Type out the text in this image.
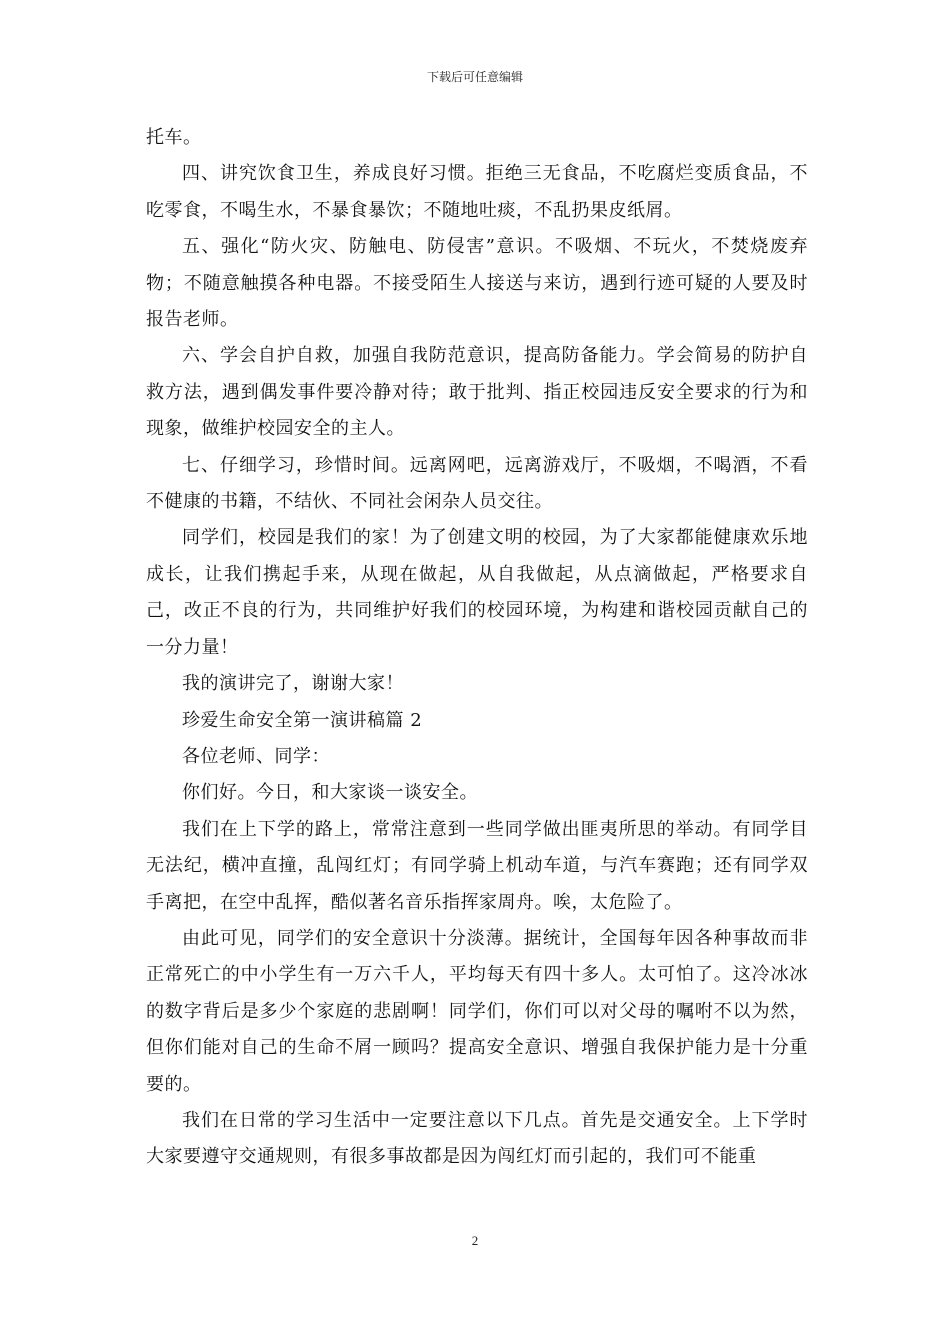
下载后可任意编辑

托车。

四、讲究饮食卫生，养成良好习惯。拒绝三无食品，不吃腐烂变质食品，不吃零食，不喝生水，不暴食暴饮；不随地吐痰，不乱扔果皮纸屑。

五、强化“防火灾、防触电、防侵害”意识。不吸烟、不玩火，不焚烧废弃物；不随意触摸各种电器。不接受陌生人接送与来访，遇到行迹可疑的人要及时报告老师。

六、学会自护自救，加强自我防范意识，提高防备能力。学会简易的防护自救方法，遇到偶发事件要冷静对待；敢于批判、指正校园违反安全要求的行为和现象，做维护校园安全的主人。

七、仔细学习，珍惜时间。远离网吧，远离游戏厅，不吸烟，不喝酒，不看不健康的书籍，不结伙、不同社会闲杂人员交往。

同学们，校园是我们的家！为了创建文明的校园，为了大家都能健康欢乐地成长，让我们携起手来，从现在做起，从自我做起，从点滴做起，严格要求自己，改正不良的行为，共同维护好我们的校园环境，为构建和谐校园贡献自己的一分力量！

我的演讲完了，谢谢大家！

珍爱生命安全第一演讲稿篇 2

各位老师、同学：

你们好。今日，和大家谈一谈安全。

我们在上下学的路上，常常注意到一些同学做出匪夷所思的举动。有同学目无法纪，横冲直撞，乱闯红灯；有同学骑上机动车道，与汽车赛跑；还有同学双手离把，在空中乱挥，酷似著名音乐指挥家周舟。唉，太危险了。

由此可见，同学们的安全意识十分淡薄。据统计，全国每年因各种事故而非正常死亡的中小学生有一万六千人，平均每天有四十多人。太可怕了。这冷冰冰的数字背后是多少个家庭的悲剧啊！同学们，你们可以对父母的嘱咐不以为然，但你们能对自己的生命不屑一顾吗？提高安全意识、增强自我保护能力是十分重要的。

我们在日常的学习生活中一定要注意以下几点。首先是交通安全。上下学时大家要遵守交通规则，有很多事故都是因为闯红灯而引起的，我们可不能重

2
